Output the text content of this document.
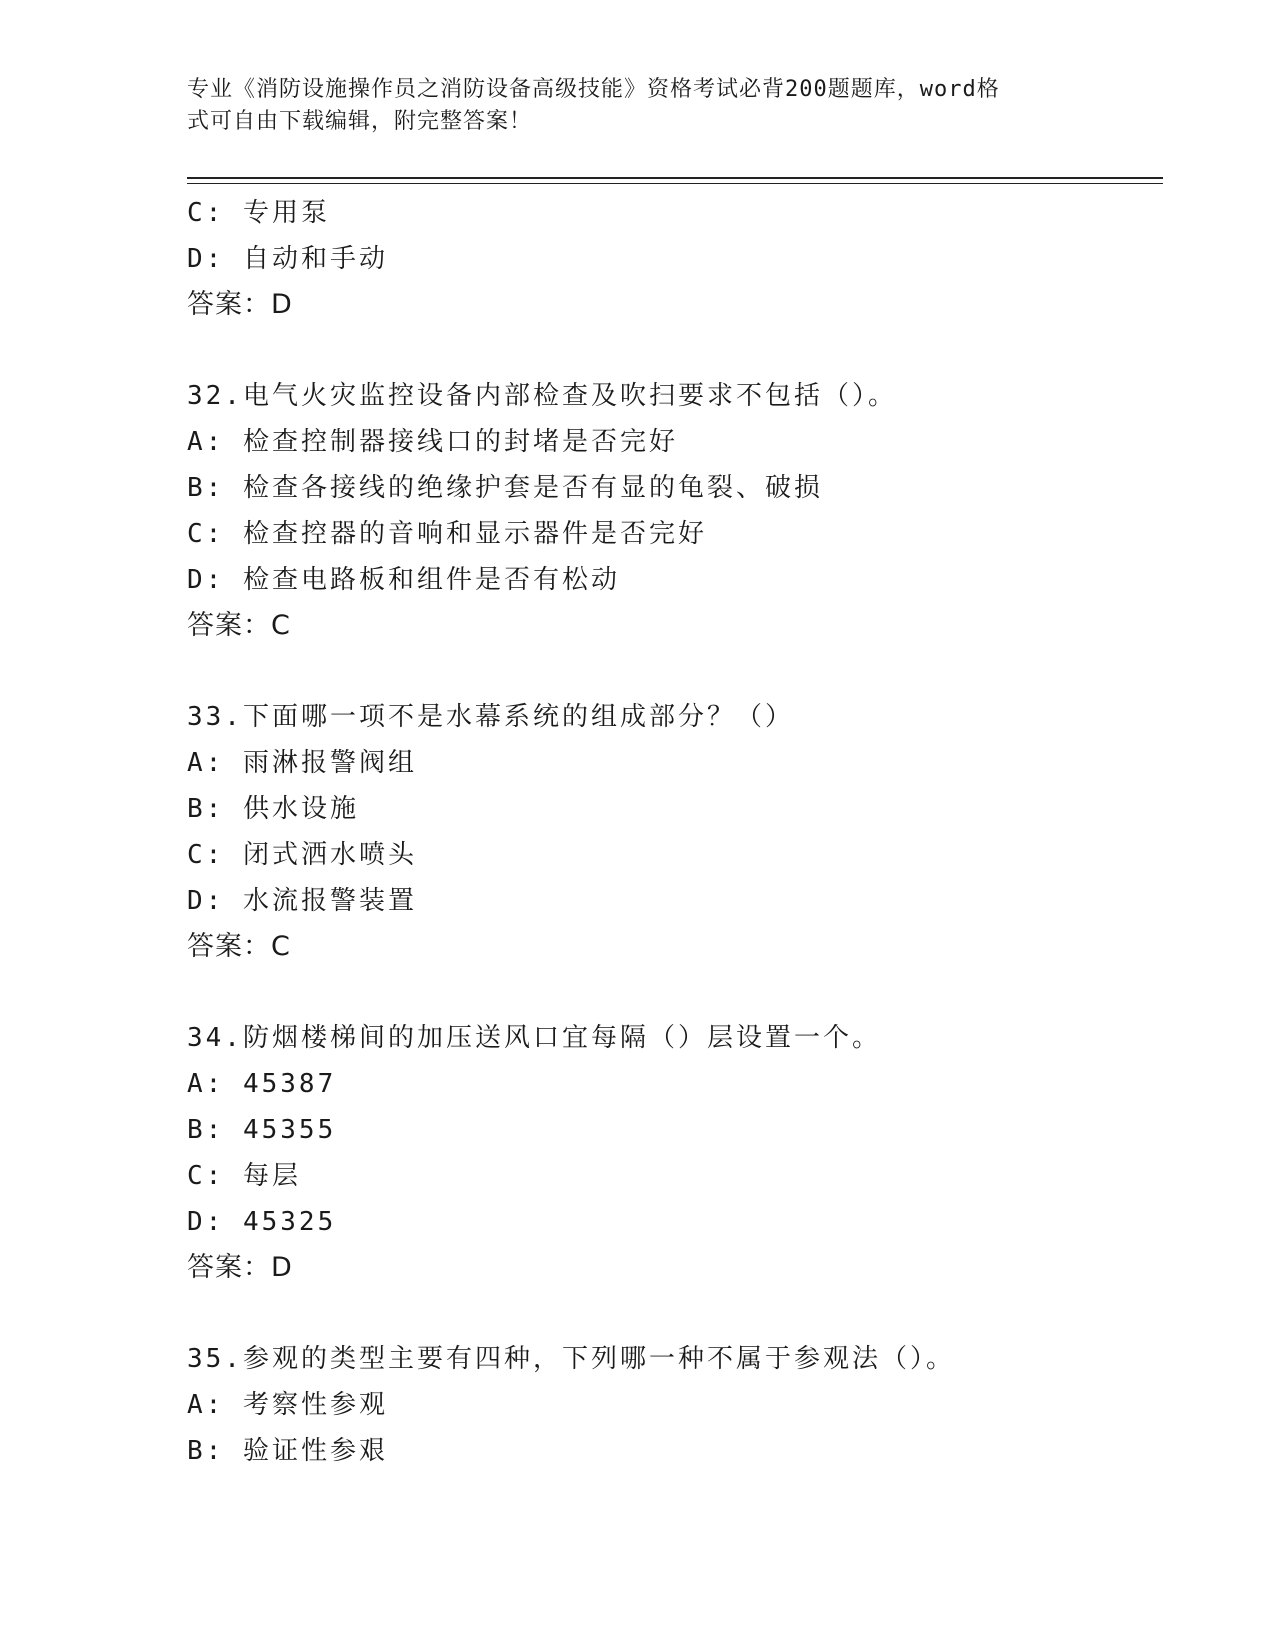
专业《消防设施操作员之消防设备高级技能》资格考试必背200题题库，word格
式可自由下载编辑，附完整答案！
C: 专用泵
D: 自动和手动
答案：D
32.电气火灾监控设备内部检查及吹扫要求不包括（）。
A: 检查控制器接线口的封堵是否完好
B: 检查各接线的绝缘护套是否有显的龟裂、破损
C: 检查控器的音响和显示器件是否完好
D: 检查电路板和组件是否有松动
答案：C
33.下面哪一项不是水幕系统的组成部分？（）
A: 雨淋报警阀组
B: 供水设施
C: 闭式洒水喷头
D: 水流报警装置
答案：C
34.防烟楼梯间的加压送风口宜每隔（）层设置一个。
A: 45387
B: 45355
C: 每层
D: 45325
答案：D
35.参观的类型主要有四种，下列哪一种不属于参观法（）。
A: 考察性参观
B: 验证性参艰
